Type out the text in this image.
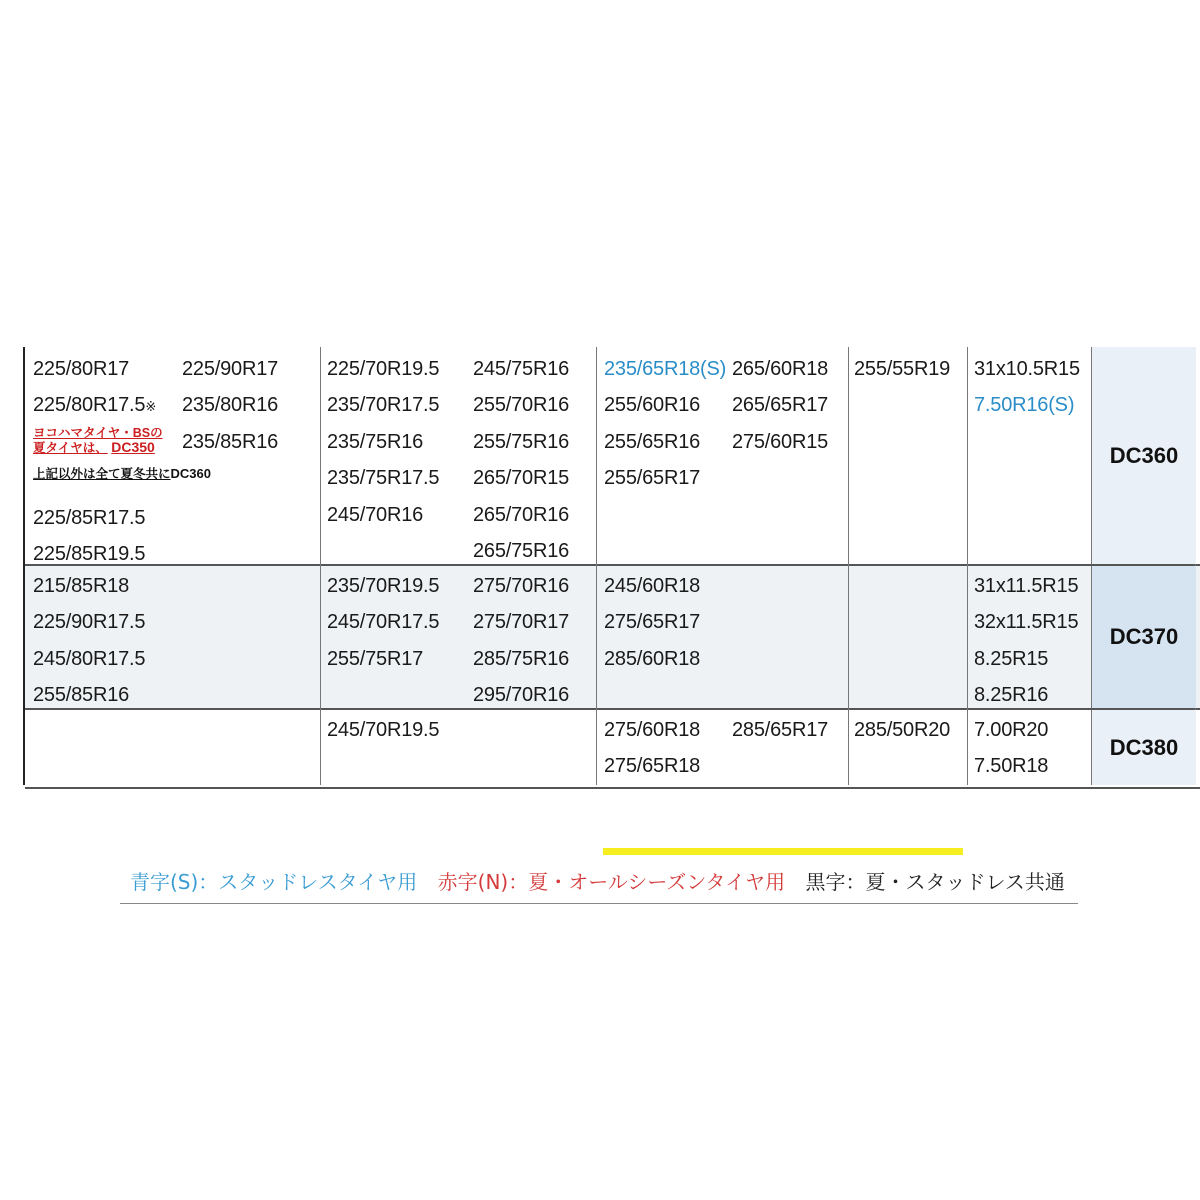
225/80R17
225/80R17.5※
ヨコハマタイヤ・BSの
夏タイヤは、 DC350
上記以外は全て夏冬共にDC360
225/85R17.5
225/85R19.5
225/90R17
235/80R16
235/85R16
225/70R19.5
235/70R17.5
235/75R16
235/75R17.5
245/70R16
245/75R16
255/70R16
255/75R16
265/70R15
265/70R16
265/75R16
235/65R18(S)
255/60R16
255/65R16
255/65R17
265/60R18
265/65R17
275/60R15
255/55R19 31x10.5R15
7.50R16(S)
215/85R18
225/90R17.5
245/80R17.5
255/85R16
235/70R19.5
245/70R17.5
255/75R17
275/70R16
275/70R17
285/75R16
295/70R16
245/60R18
275/65R17
285/60R18
31x11.5R15
32x11.5R15
8.25R15
8.25R16
245/70R19.5	275/60R18
275/65R18
285/65R17 285/50R20 7.00R20
7.50R18
DC360
DC370
DC380
青字(S)：スタッドレスタイヤ用 赤字(N)：夏・オールシーズンタイヤ用 黒字：夏・スタッドレス共通
